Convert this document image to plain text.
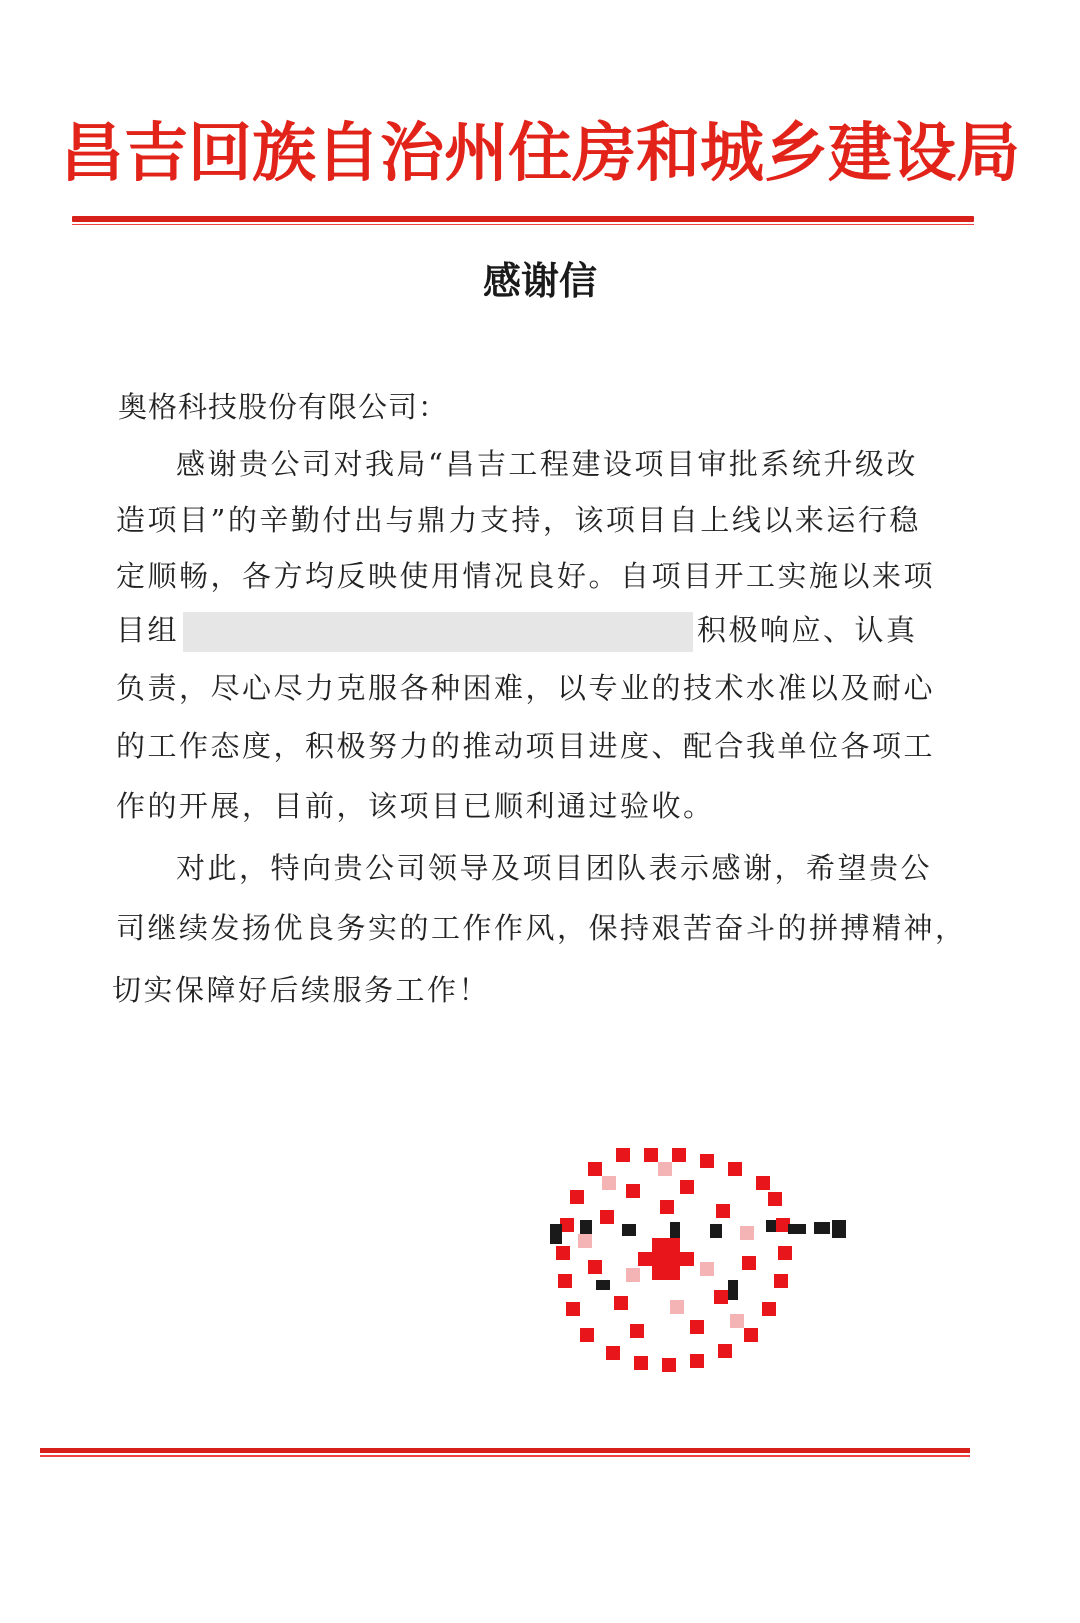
昌吉回族自治州住房和城乡建设局
感谢信
奥格科技股份有限公司：
感谢贵公司对我局“昌吉工程建设项目审批系统升级改
造项目”的辛勤付出与鼎力支持，该项目自上线以来运行稳
定顺畅，各方均反映使用情况良好。自项目开工实施以来项
目组	积极响应、认真
负责，尽心尽力克服各种困难，以专业的技术水准以及耐心
的工作态度，积极努力的推动项目进度、配合我单位各项工
作的开展，目前，该项目已顺利通过验收。
对此，特向贵公司领导及项目团队表示感谢，希望贵公
司继续发扬优良务实的工作作风，保持艰苦奋斗的拼搏精神，
切实保障好后续服务工作！
